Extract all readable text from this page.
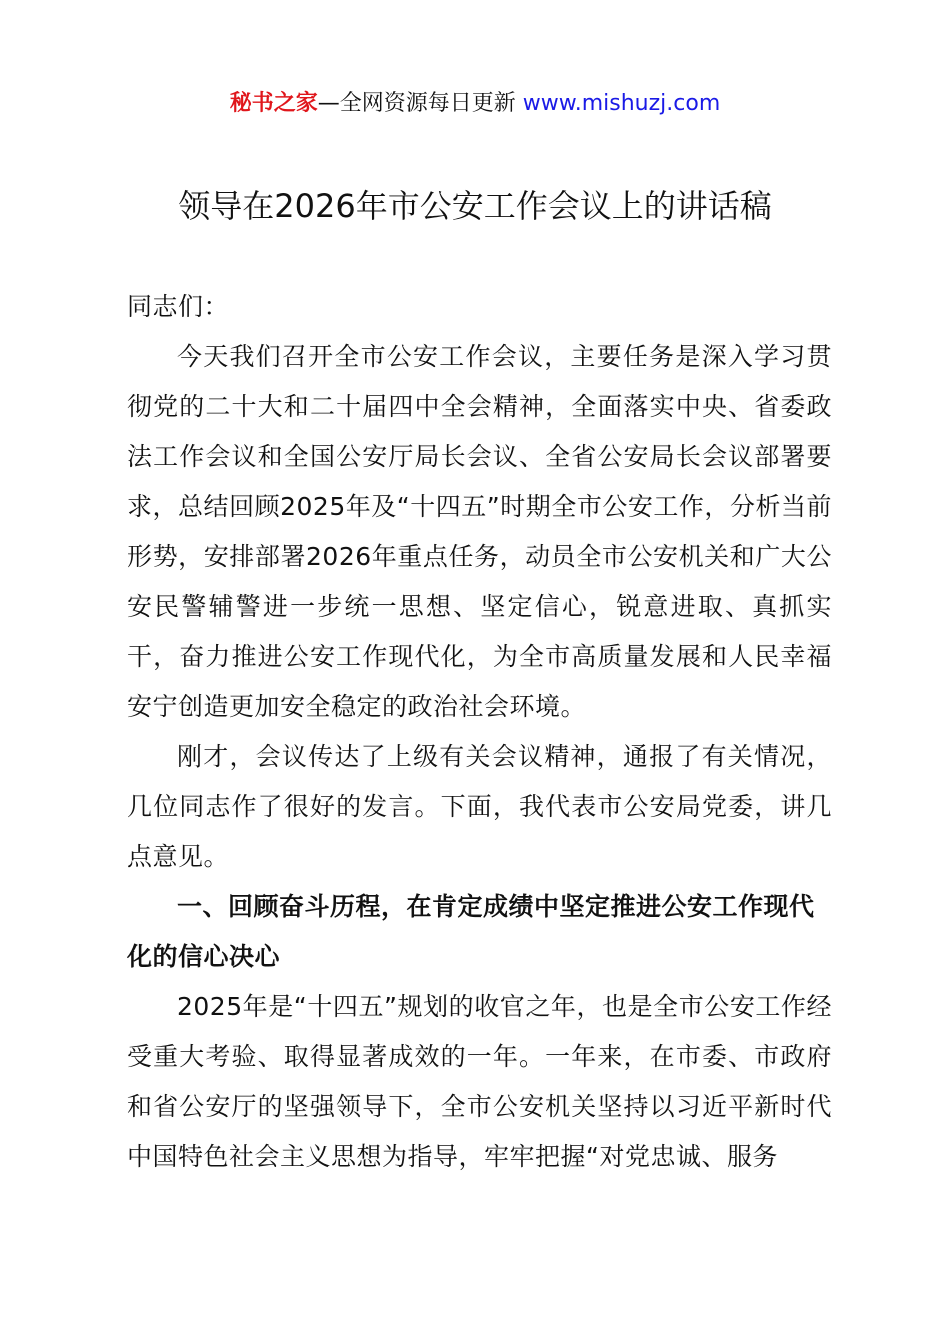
秘书之家—全网资源每日更新 www.mishuzj.com
领导在2026年市公安工作会议上的讲话稿

同志们：

今天我们召开全市公安工作会议，主要任务是深入学习贯彻党的二十大和二十届四中全会精神，全面落实中央、省委政法工作会议和全国公安厅局长会议、全省公安局长会议部署要求，总结回顾2025年及“十四五”时期全市公安工作，分析当前形势，安排部署2026年重点任务，动员全市公安机关和广大公安民警辅警进一步统一思想、坚定信心，锐意进取、真抓实干，奋力推进公安工作现代化，为全市高质量发展和人民幸福安宁创造更加安全稳定的政治社会环境。

刚才，会议传达了上级有关会议精神，通报了有关情况，几位同志作了很好的发言。下面，我代表市公安局党委，讲几点意见。

一、回顾奋斗历程，在肯定成绩中坚定推进公安工作现代化的信心决心

2025年是“十四五”规划的收官之年，也是全市公安工作经受重大考验、取得显著成效的一年。一年来，在市委、市政府和省公安厅的坚强领导下，全市公安机关坚持以习近平新时代中国特色社会主义思想为指导，牢牢把握“对党忠诚、服务
